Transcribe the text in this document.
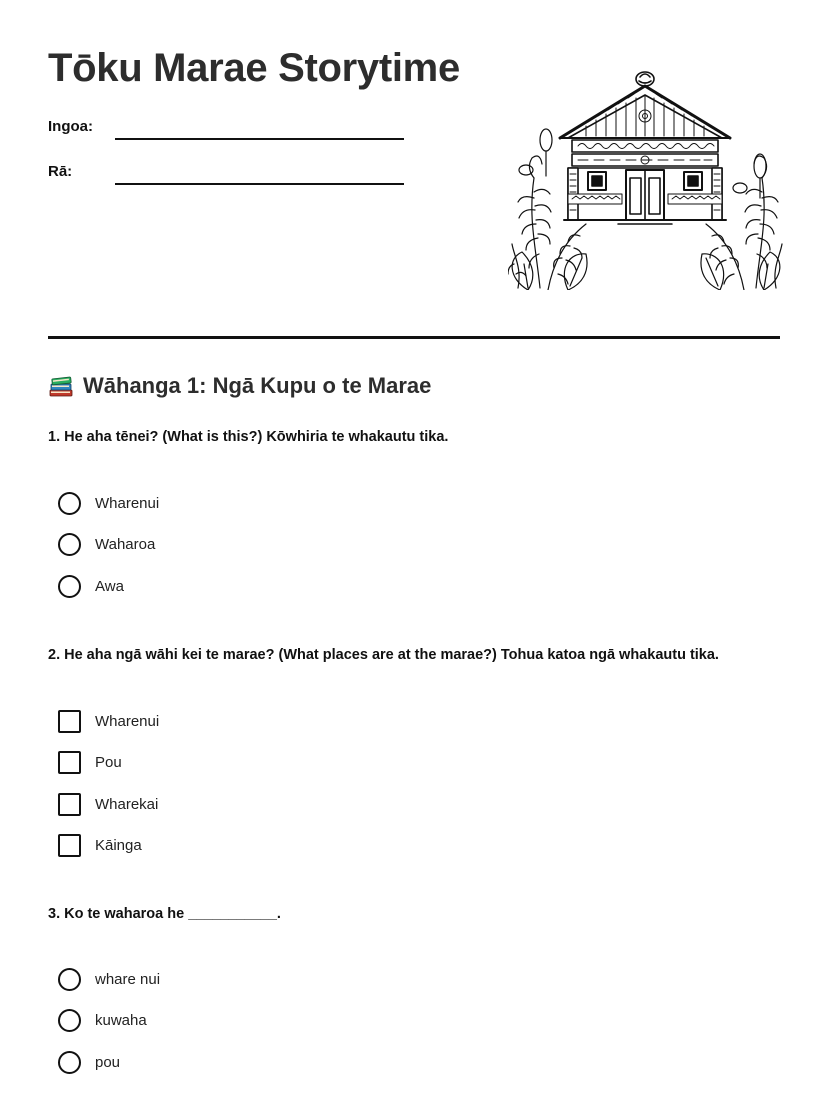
Tōku Marae Storytime
Ingoa:
Rā:
Wāhanga 1: Ngā Kupu o te Marae

1. He aha tēnei? (What is this?) Kōwhiria te whakautu tika.

Wharenui
Waharoa
Awa

2. He aha ngā wāhi kei te marae? (What places are at the marae?) Tohua katoa ngā whakautu tika.

Wharenui
Pou
Wharekai
Kāinga

3. Ko te waharoa he ___________.

whare nui
kuwaha
pou
